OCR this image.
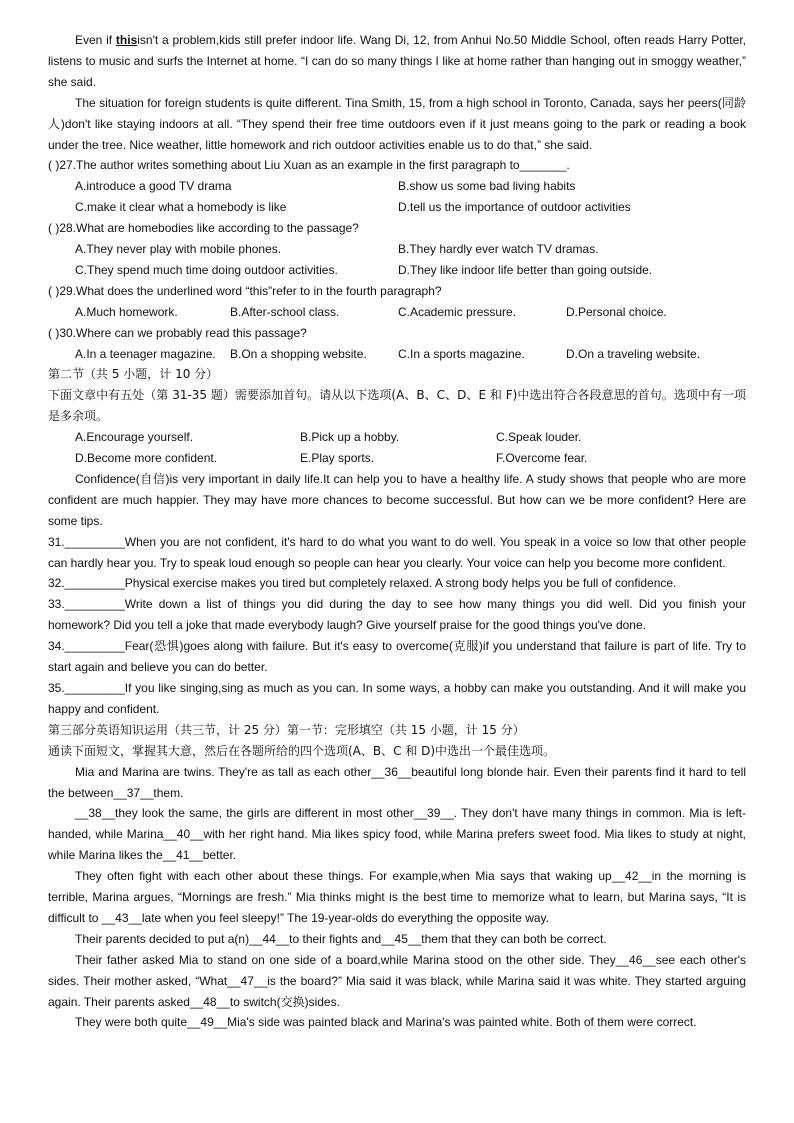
Even if thisisn't a problem,kids still prefer indoor life. Wang Di, 12, from Anhui No.50 Middle School, often reads Harry Potter, listens to music and surfs the Internet at home. “I can do so many things I like at home rather than hanging out in smoggy weather,” she said.

The situation for foreign students is quite different. Tina Smith, 15, from a high school in Toronto, Canada, says her peers(同龄人)don't like staying indoors at all. “They spend their free time outdoors even if it just means going to the park or reading a book under the tree. Nice weather, little homework and rich outdoor activities enable us to do that,” she said.

( )27.The author writes something about Liu Xuan as an example in the first paragraph to_______.

A.introduce a good TV drama	B.show us some bad living habits
C.make it clear what a homebody is like	D.tell us the importance of outdoor activities

( )28.What are homebodies like according to the passage?

A.They never play with mobile phones.	B.They hardly ever watch TV dramas.
C.They spend much time doing outdoor activities.	D.They like indoor life better than going outside.

( )29.What does the underlined word “this”refer to in the fourth paragraph?

A.Much homework.	B.After-school class.	C.Academic pressure.	D.Personal choice.

( )30.Where can we probably read this passage?

A.In a teenager magazine. B.On a shopping website.	C.In a sports magazine.	D.On a traveling website.

第二节（共 5 小题，计 10 分）

下面文章中有五处（第 31-35 题）需要添加首句。请从以下选项(A、B、C、D、E 和 F)中选出符合各段意思的首句。选项中有一项是多余项。

A.Encourage yourself.	B.Pick up a hobby.	C.Speak louder.
D.Become more confident.	E.Play sports.	F.Overcome fear.

Confidence(自信)is very important in daily life.It can help you to have a healthy life. A study shows that people who are more confident are much happier. They may have more chances to become successful. But how can we be more confident? Here are some tips.

31._________When you are not confident, it's hard to do what you want to do well. You speak in a voice so low that other people can hardly hear you. Try to speak loud enough so people can hear you clearly. Your voice can help you become more confident.

32._________Physical exercise makes you tired but completely relaxed. A strong body helps you be full of confidence.

33._________Write down a list of things you did during the day to see how many things you did well. Did you finish your homework? Did you tell a joke that made everybody laugh? Give yourself praise for the good things you've done.

34._________Fear(恐惧)goes along with failure. But it's easy to overcome(克服)if you understand that failure is part of life. Try to start again and believe you can do better.

35._________If you like singing,sing as much as you can. In some ways, a hobby can make you outstanding. And it will make you happy and confident.

第三部分英语知识运用（共三节，计 25 分）第一节：完形填空（共 15 小题，计 15 分）

通读下面短文，掌握其大意，然后在各题所给的四个选项(A、B、C 和 D)中选出一个最佳选项。

Mia and Marina are twins. They're as tall as each other__36__beautiful long blonde hair. Even their parents find it hard to tell the between__37__them.

__38__they look the same, the girls are different in most other__39__. They don't have many things in common. Mia is left-handed, while Marina__40__with her right hand. Mia likes spicy food, while Marina prefers sweet food. Mia likes to study at night, while Marina likes the__41__better.

They often fight with each other about these things. For example,when Mia says that waking up__42__in the morning is terrible, Marina argues, “Mornings are fresh.” Mia thinks might is the best time to memorize what to learn, but Marina says, “It is difficult to __43__late when you feel sleepy!” The 19-year-olds do everything the opposite way.

Their parents decided to put a(n)__44__to their fights and__45__them that they can both be correct.

Their father asked Mia to stand on one side of a board,while Marina stood on the other side. They__46__see each other's sides. Their mother asked, “What__47__is the board?” Mia said it was black, while Marina said it was white. They started arguing again. Their parents asked__48__to switch(交换)sides.

They were both quite__49__Mia's side was painted black and Marina's was painted white. Both of them were correct.
